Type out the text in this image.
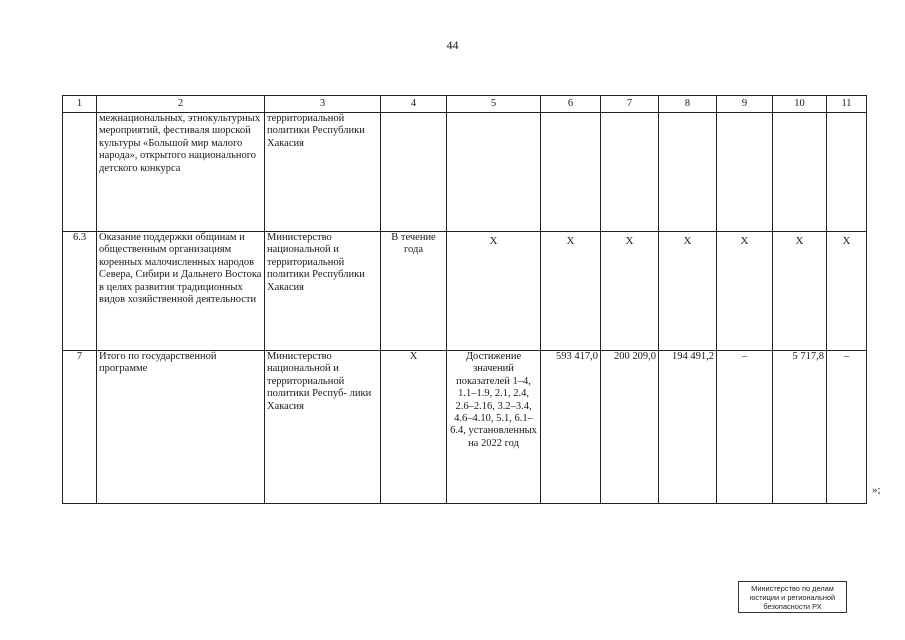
44
1	2	3	4	5	6	7	8	9	10	11
	межнациональных, этнокультурных мероприятий, фестиваля шорской культуры «Большой мир малого народа», открытого национального детского конкурса	территориальной политики Республики Хакасия								
6.3	Оказание поддержки общинам и общественным организациям коренных малочисленных народов Севера, Сибири и Дальнего Востока в целях развития традиционных видов хозяйственной деятельности	Министерство национальной и территориальной политики Республики Хакасия	В течение года	X	X	X	X	X	X	X
7	Итого по государственной программе	Министерство национальной и территориальной политики Респуб- лики Хакасия	X	Достижение значений показателей 1–4, 1.1–1.9, 2.1, 2.4, 2.6–2.16, 3.2–3.4, 4.6–4.10, 5.1, 6.1–6.4, установленных на 2022 год	593 417,0	200 209,0	194 491,2	–	5 717,8	–
»;
Министерство по делам
юстиции и региональной
безопасности РХ
